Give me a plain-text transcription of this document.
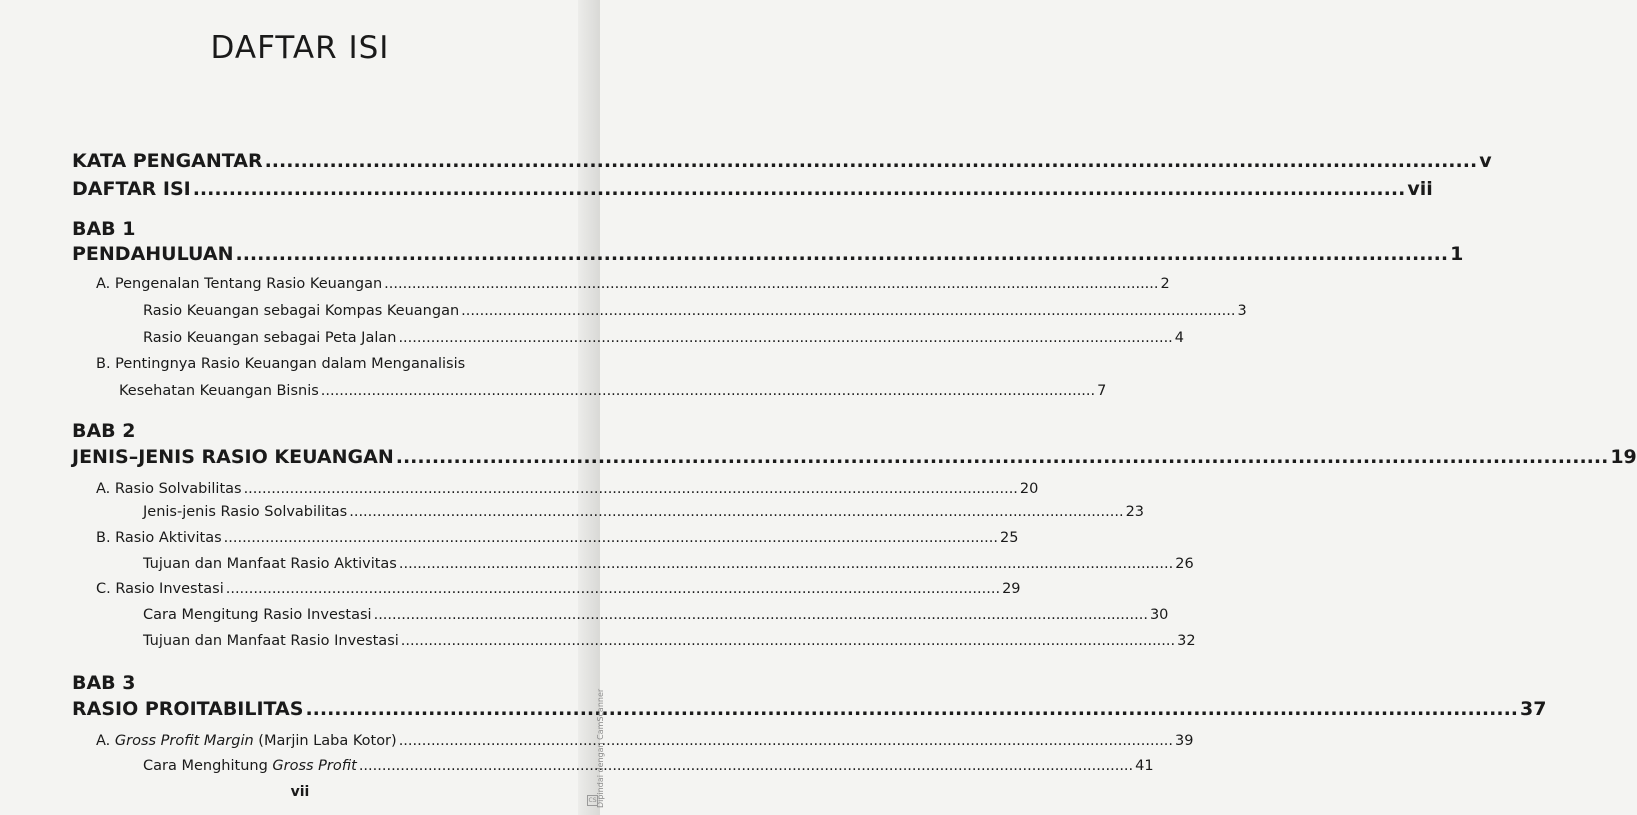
DAFTAR ISI
KATA PENGANTAR .....	v
DAFTAR ISI .....	vii
BAB 1
PENDAHULUAN .....	1
A. Pengenalan Tentang Rasio Keuangan .....	2
Rasio Keuangan sebagai Kompas Keuangan .....	3
Rasio Keuangan sebagai Peta Jalan .....	4
B. Pentingnya Rasio Keuangan dalam Menganalisis
Kesehatan Keuangan Bisnis .....	7
BAB 2
JENIS–JENIS RASIO KEUANGAN .....	19
A. Rasio Solvabilitas .....	20
Jenis-jenis Rasio Solvabilitas .....	23
B. Rasio Aktivitas .....	25
Tujuan dan Manfaat Rasio Aktivitas .....	26
C. Rasio Investasi .....	29
Cara Mengitung Rasio Investasi .....	30
Tujuan dan Manfaat Rasio Investasi .....	32
BAB 3
RASIO PROITABILITAS .....	37
A. Gross Profit Margin (Marjin Laba Kotor) .....	39
Cara Menghitung Gross Profit .....	41
vii	Dipindai dengan CamScanner
CS
